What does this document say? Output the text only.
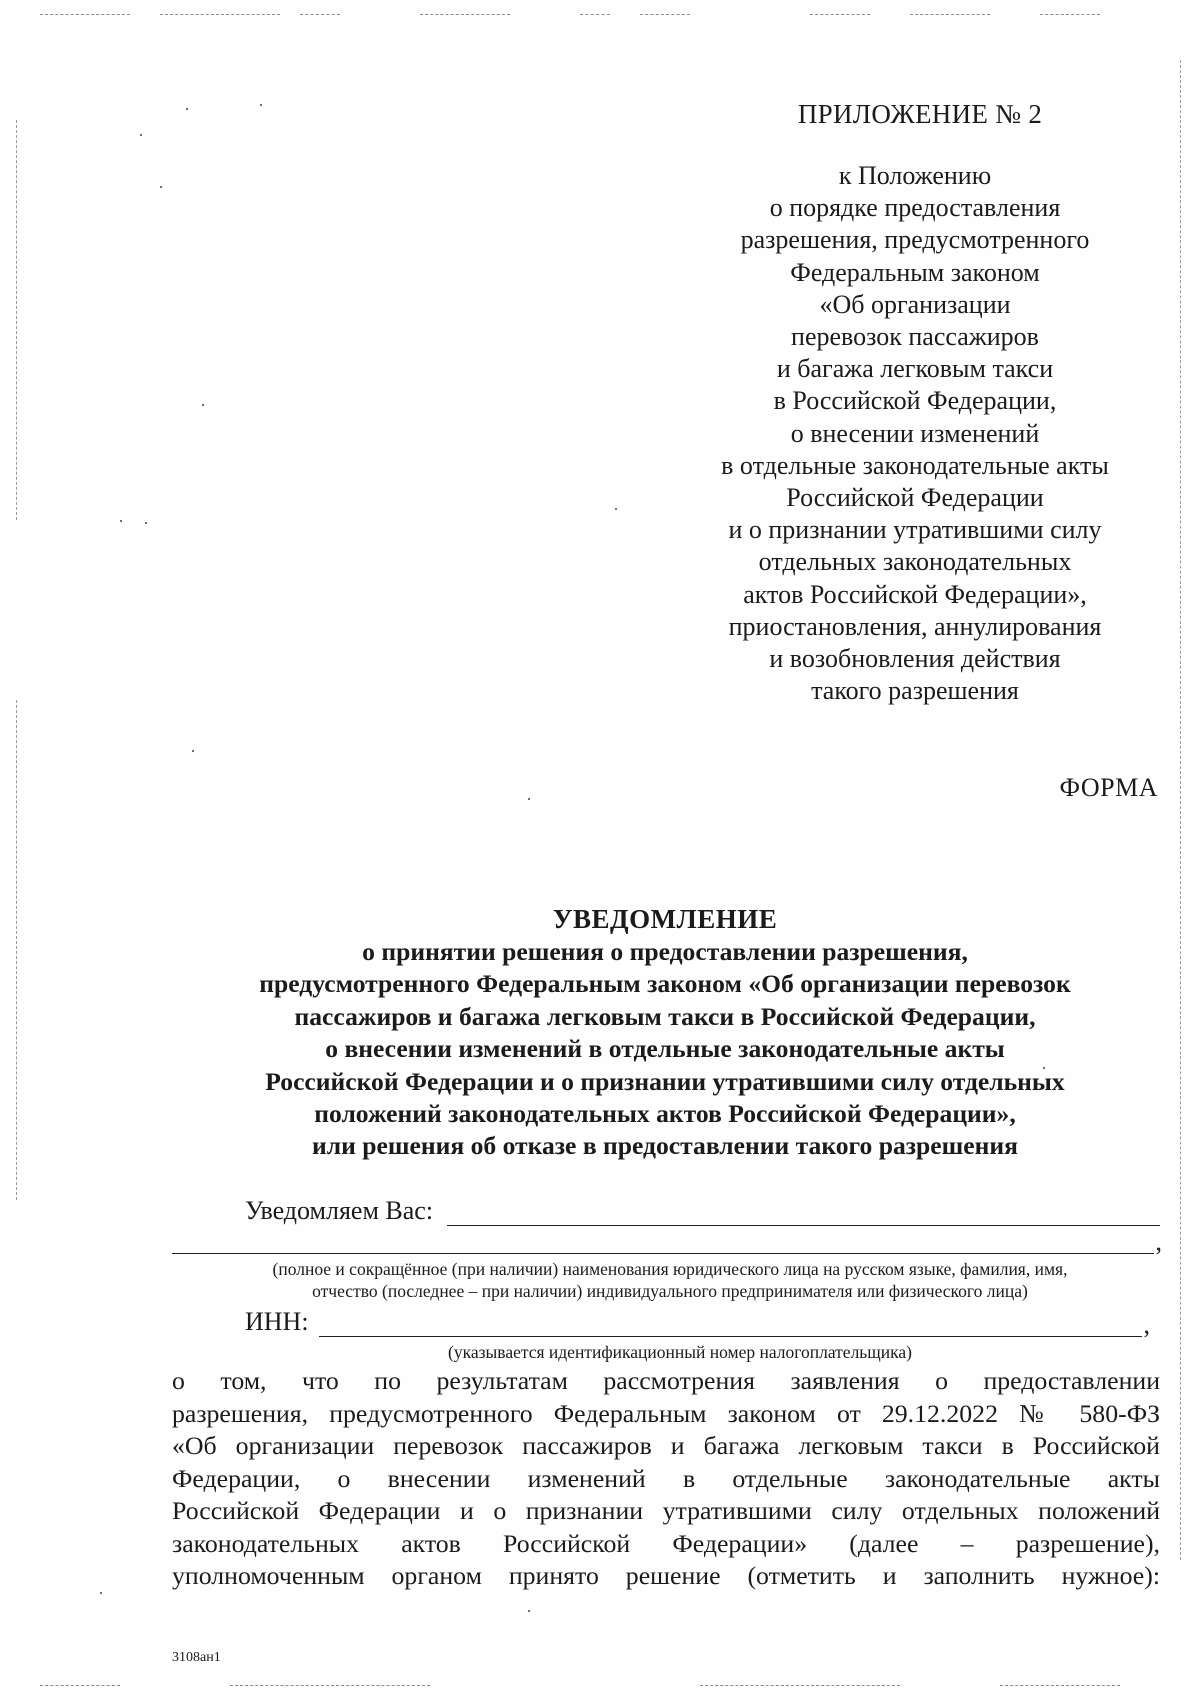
ПРИЛОЖЕНИЕ № 2
к Положению
о порядке предоставления
разрешения, предусмотренного
Федеральным законом
«Об организации
перевозок пассажиров
и багажа легковым такси
в Российской Федерации,
о внесении изменений
в отдельные законодательные акты
Российской Федерации
и о признании утратившими силу
отдельных законодательных
актов Российской Федерации»,
приостановления, аннулирования
и возобновления действия
такого разрешения
ФОРМА
УВЕДОМЛЕНИЕ
о принятии решения о предоставлении разрешения,
предусмотренного Федеральным законом «Об организации перевозок
пассажиров и багажа легковым такси в Российской Федерации,
о внесении изменений в отдельные законодательные акты
Российской Федерации и о признании утратившими силу отдельных
положений законодательных актов Российской Федерации»,
или решения об отказе в предоставлении такого разрешения
Уведомляем Вас:
,
(полное и сокращённое (при наличии) наименования юридического лица на русском языке, фамилия, имя,
отчество (последнее – при наличии) индивидуального предпринимателя или физического лица)
ИНН:	,
(указывается идентификационный номер налогоплательщика)
о том, что по результатам рассмотрения заявления о предоставлении
разрешения, предусмотренного Федеральным законом от 29.12.2022 № 580-ФЗ
«Об организации перевозок пассажиров и багажа легковым такси в Российской
Федерации, о внесении изменений в отдельные законодательные акты
Российской Федерации и о признании утратившими силу отдельных положений
законодательных актов Российской Федерации» (далее – разрешение),
уполномоченным органом принято решение (отметить и заполнить нужное):
3108ан1
